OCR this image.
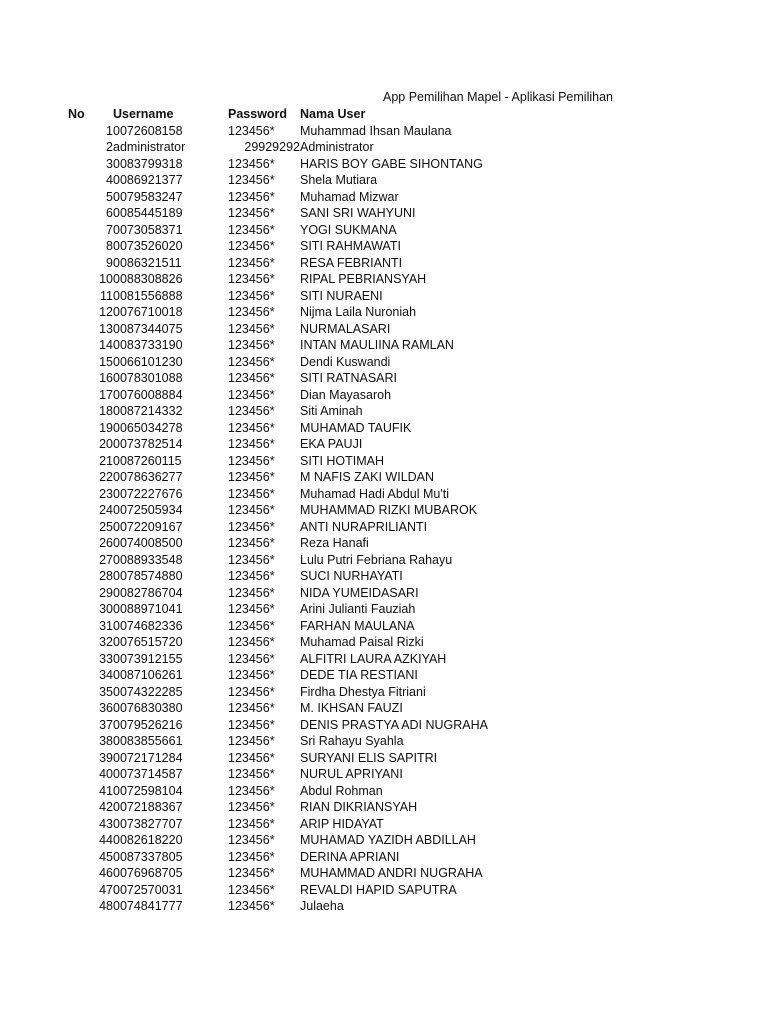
App Pemilihan Mapel - Aplikasi Pemilihan
No	Username	Password	Nama User
1	0072608158	123456*	Muhammad Ihsan Maulana
2	administrator	29929292	Administrator
3	0083799318	123456*	HARIS BOY GABE SIHONTANG
4	0086921377	123456*	Shela Mutiara
5	0079583247	123456*	Muhamad Mizwar
6	0085445189	123456*	SANI SRI WAHYUNI
7	0073058371	123456*	YOGI SUKMANA
8	0073526020	123456*	SITI RAHMAWATI
9	0086321511	123456*	RESA FEBRIANTI
10	0088308826	123456*	RIPAL PEBRIANSYAH
11	0081556888	123456*	SITI NURAENI
12	0076710018	123456*	Nijma Laila Nuroniah
13	0087344075	123456*	NURMALASARI
14	0083733190	123456*	INTAN MAULIINA RAMLAN
15	0066101230	123456*	Dendi Kuswandi
16	0078301088	123456*	SITI RATNASARI
17	0076008884	123456*	Dian Mayasaroh
18	0087214332	123456*	Siti Aminah
19	0065034278	123456*	MUHAMAD TAUFIK
20	0073782514	123456*	EKA PAUJI
21	0087260115	123456*	SITI HOTIMAH
22	0078636277	123456*	M NAFIS ZAKI WILDAN
23	0072227676	123456*	Muhamad Hadi Abdul Mu'ti
24	0072505934	123456*	MUHAMMAD RIZKI MUBAROK
25	0072209167	123456*	ANTI NURAPRILIANTI
26	0074008500	123456*	Reza Hanafi
27	0088933548	123456*	Lulu Putri Febriana Rahayu
28	0078574880	123456*	SUCI NURHAYATI
29	0082786704	123456*	NIDA YUMEIDASARI
30	0088971041	123456*	Arini Julianti Fauziah
31	0074682336	123456*	FARHAN MAULANA
32	0076515720	123456*	Muhamad Paisal Rizki
33	0073912155	123456*	ALFITRI LAURA AZKIYAH
34	0087106261	123456*	DEDE TIA RESTIANI
35	0074322285	123456*	Firdha Dhestya Fitriani
36	0076830380	123456*	M. IKHSAN FAUZI
37	0079526216	123456*	DENIS PRASTYA ADI NUGRAHA
38	0083855661	123456*	Sri Rahayu Syahla
39	0072171284	123456*	SURYANI ELIS SAPITRI
40	0073714587	123456*	NURUL APRIYANI
41	0072598104	123456*	Abdul Rohman
42	0072188367	123456*	RIAN DIKRIANSYAH
43	0073827707	123456*	ARIP HIDAYAT
44	0082618220	123456*	MUHAMAD YAZIDH ABDILLAH
45	0087337805	123456*	DERINA APRIANI
46	0076968705	123456*	MUHAMMAD ANDRI NUGRAHA
47	0072570031	123456*	REVALDI HAPID SAPUTRA
48	0074841777	123456*	Julaeha
